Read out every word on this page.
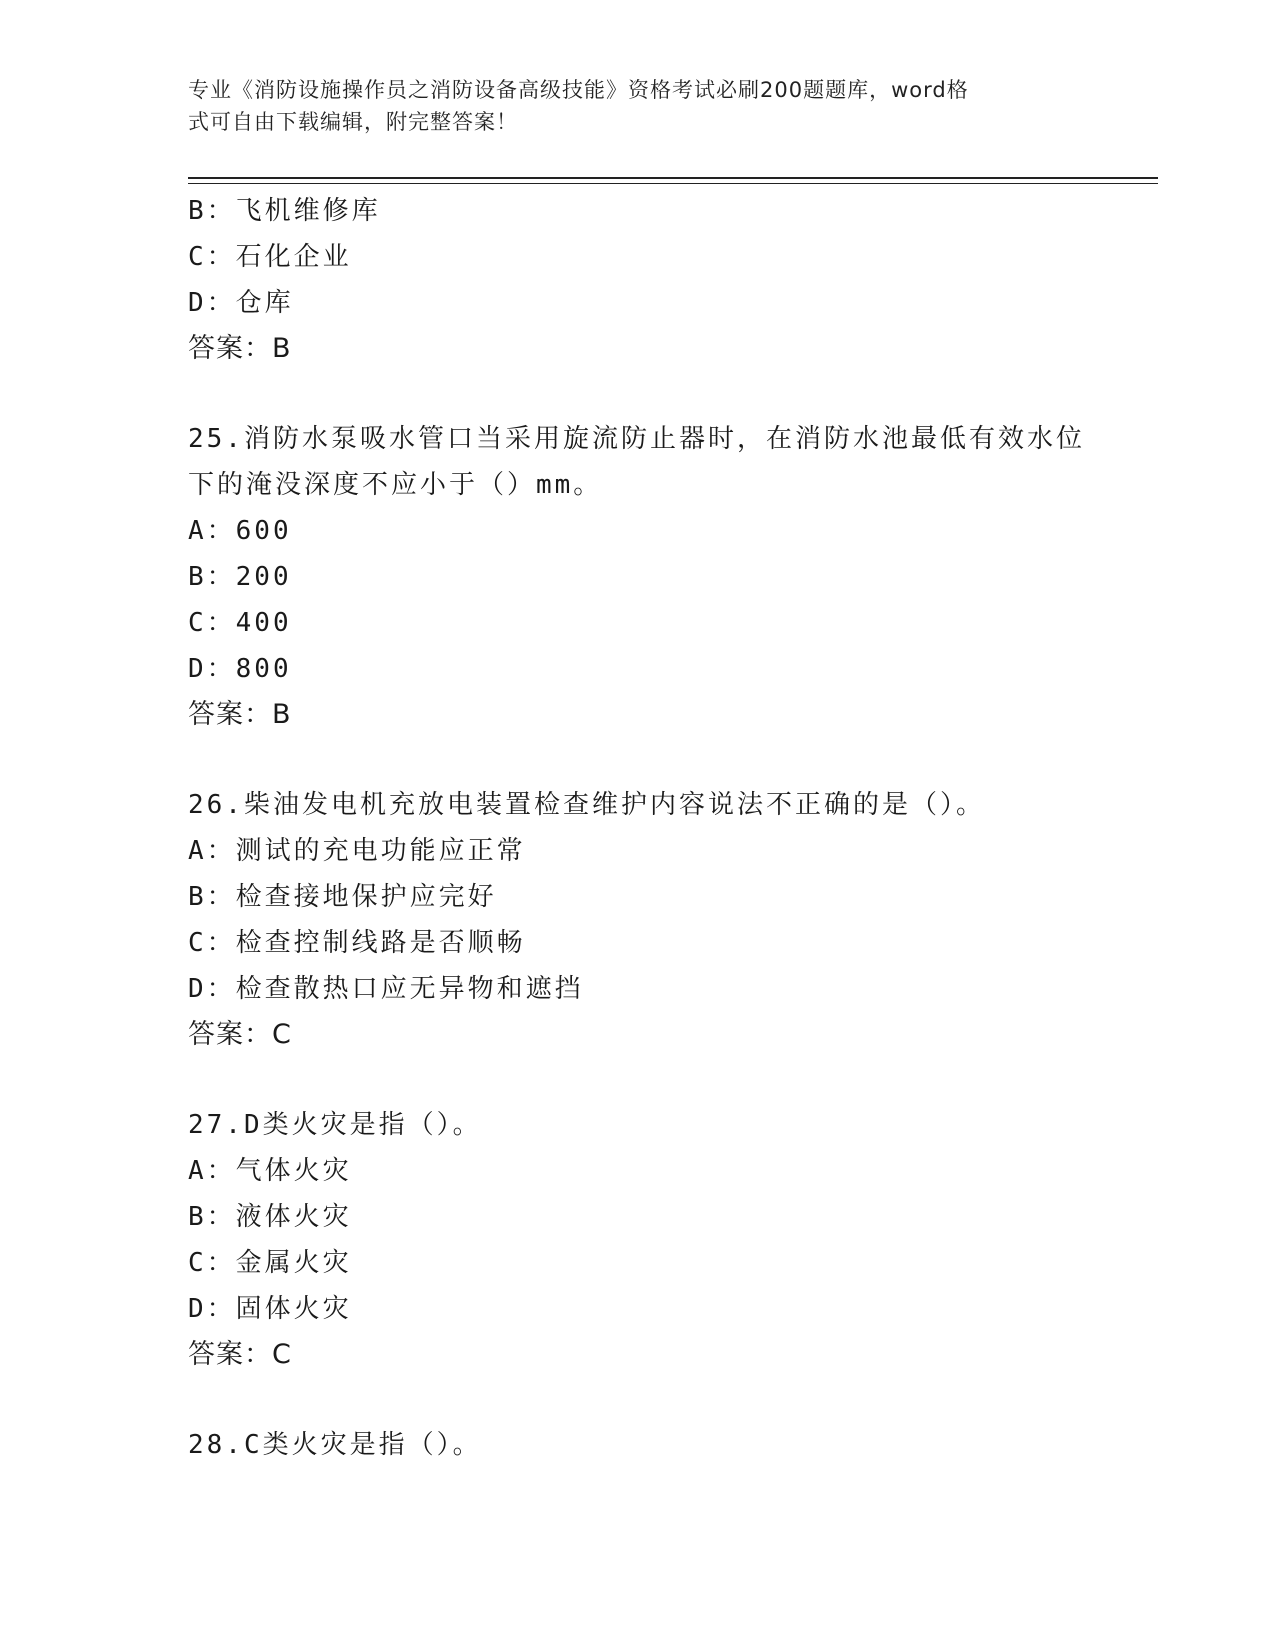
专业《消防设施操作员之消防设备高级技能》资格考试必刷200题题库，word格
式可自由下载编辑，附完整答案！
B：飞机维修库
C：石化企业
D：仓库
答案：B
25.消防水泵吸水管口当采用旋流防止器时，在消防水池最低有效水位
下的淹没深度不应小于（）mm。
A：600
B：200
C：400
D：800
答案：B
26.柴油发电机充放电装置检查维护内容说法不正确的是（）。
A：测试的充电功能应正常
B：检查接地保护应完好
C：检查控制线路是否顺畅
D：检查散热口应无异物和遮挡
答案：C
27.D类火灾是指（）。
A：气体火灾
B：液体火灾
C：金属火灾
D：固体火灾
答案：C
28.C类火灾是指（）。
